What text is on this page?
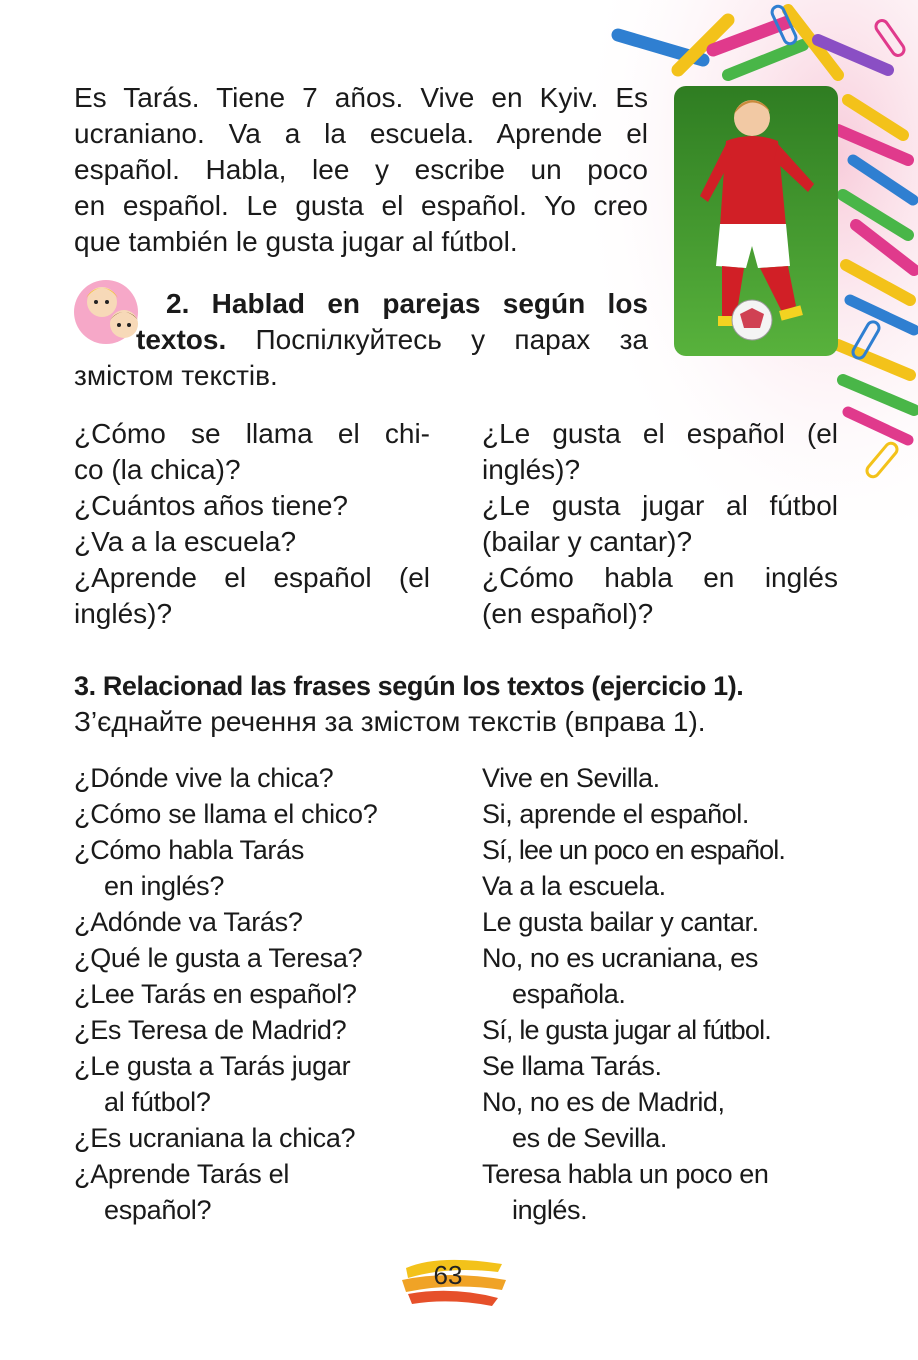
Es Tarás. Tiene 7 años. Vive en Kyiv. Es
ucraniano. Va a la escuela. Aprende el
español. Habla, lee y escribe un poco
en español. Le gusta el español. Yo creo
que también le gusta jugar al fútbol.
2. Hablad en parejas según los
textos. Поспілкуйтесь у парах за
змістом текстів.
¿Cómo se llama el chi-
co (la chica)?
¿Cuántos años tiene?
¿Va a la escuela?
¿Aprende el español (el
inglés)?
¿Le gusta el español (el
inglés)?
¿Le gusta jugar al fútbol
(bailar y cantar)?
¿Cómo habla en inglés
(en español)?
3. Relacionad las frases según los textos (ejercicio 1).
З’єднайте речення за змістом текстів (вправа 1).
¿Dónde vive la chica?
¿Cómo se llama el chico?
¿Cómo habla Tarás
en inglés?
¿Adónde va Tarás?
¿Qué le gusta a Teresa?
¿Lee Tarás en español?
¿Es Teresa de Madrid?
¿Le gusta a Tarás jugar
al fútbol?
¿Es ucraniana la chica?
¿Aprende Tarás el
español?
Vive en Sevilla.
Si, aprende el español.
Sí, lee un poco en español.
Va a la escuela.
Le gusta bailar y cantar.
No, no es ucraniana, es
española.
Sí, le gusta jugar al fútbol.
Se llama Tarás.
No, no es de Madrid,
es de Sevilla.
Teresa habla un poco en
inglés.
63
